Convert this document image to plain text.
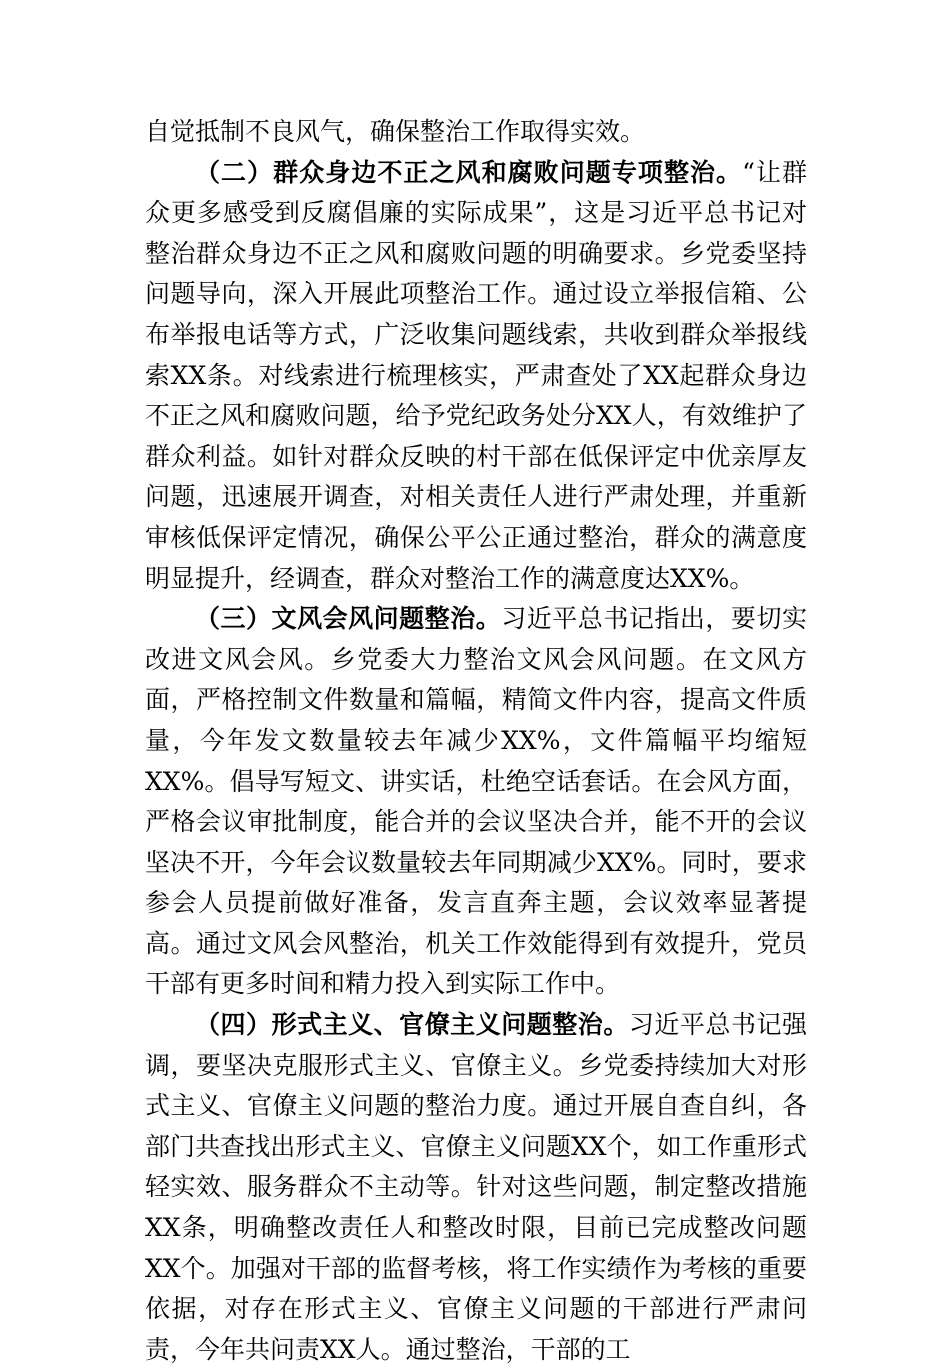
自觉抵制不良风气，确保整治工作取得实效。

（二）群众身边不正之风和腐败问题专项整治。“让群众更多感受到反腐倡廉的实际成果”，这是习近平总书记对整治群众身边不正之风和腐败问题的明确要求。乡党委坚持问题导向，深入开展此项整治工作。通过设立举报信箱、公布举报电话等方式，广泛收集问题线索，共收到群众举报线索XX条。对线索进行梳理核实，严肃查处了XX起群众身边不正之风和腐败问题，给予党纪政务处分XX人，有效维护了群众利益。如针对群众反映的村干部在低保评定中优亲厚友问题，迅速展开调查，对相关责任人进行严肃处理，并重新审核低保评定情况，确保公平公正通过整治，群众的满意度明显提升，经调查，群众对整治工作的满意度达XX%。

（三）文风会风问题整治。习近平总书记指出，要切实改进文风会风。乡党委大力整治文风会风问题。在文风方面，严格控制文件数量和篇幅，精简文件内容，提高文件质量，今年发文数量较去年减少XX%，文件篇幅平均缩短XX%。倡导写短文、讲实话，杜绝空话套话。在会风方面，严格会议审批制度，能合并的会议坚决合并，能不开的会议坚决不开，今年会议数量较去年同期减少XX%。同时，要求参会人员提前做好准备，发言直奔主题，会议效率显著提高。通过文风会风整治，机关工作效能得到有效提升，党员干部有更多时间和精力投入到实际工作中。

（四）形式主义、官僚主义问题整治。习近平总书记强调，要坚决克服形式主义、官僚主义。乡党委持续加大对形式主义、官僚主义问题的整治力度。通过开展自查自纠，各部门共查找出形式主义、官僚主义问题XX个，如工作重形式轻实效、服务群众不主动等。针对这些问题，制定整改措施XX条，明确整改责任人和整改时限，目前已完成整改问题XX个。加强对干部的监督考核，将工作实绩作为考核的重要依据，对存在形式主义、官僚主义问题的干部进行严肃问责，今年共问责XX人。通过整治，干部的工
